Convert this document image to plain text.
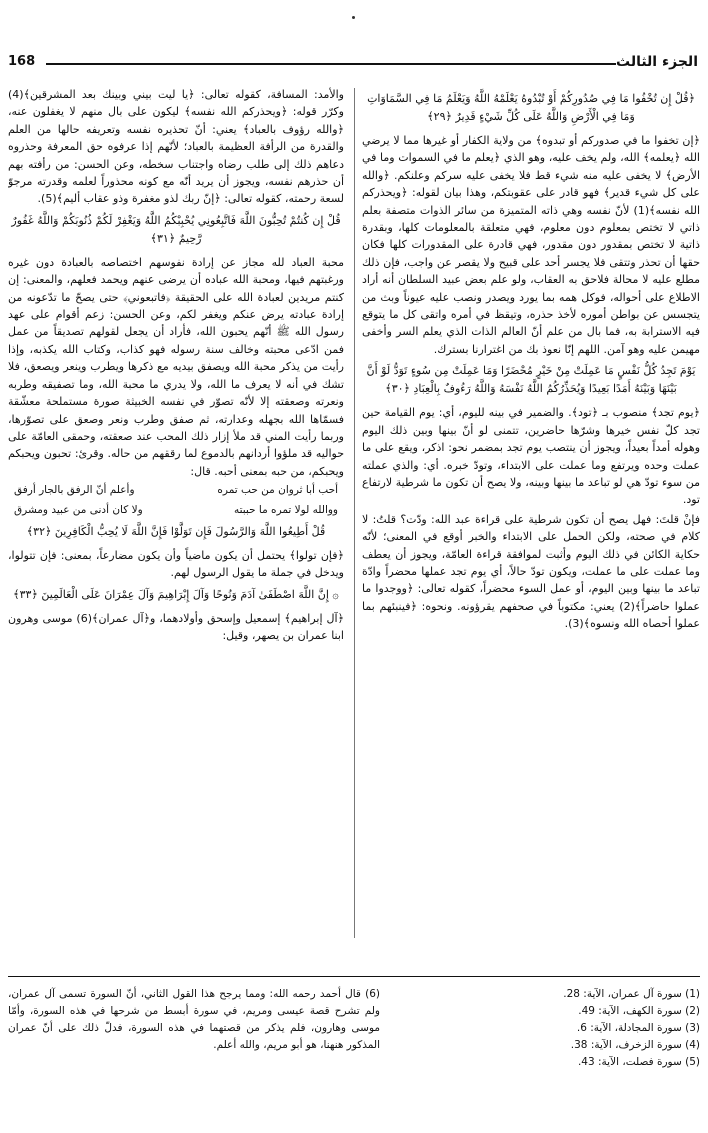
الجزء الثالث
168
﴿قُلْ إِن تُخْفُوا مَا فِي صُدُورِكُمْ أَوْ تُبْدُوهُ يَعْلَمْهُ اللَّهُ وَيَعْلَمُ مَا فِي السَّمَاوَاتِ وَمَا فِي الْأَرْضِ وَاللَّهُ عَلَى كُلِّ شَيْءٍ قَدِيرٌ ﴿٢٩﴾

﴿إن تخفوا ما في صدوركم أو تبدوه﴾ من ولاية الكفار أو غيرها مما لا يرضي الله ﴿يعلمه﴾ الله، ولم يخف عليه، وهو الذي ﴿يعلم ما في السموات وما في الأرض﴾ لا يخفى عليه منه شيء قط فلا يخفى عليه سركم وعلنكم. ﴿والله على كل شيء قدير﴾ فهو قادر على عقوبتكم، وهذا بيان لقوله: ﴿ويحذركم الله نفسه﴾(1) لأنّ نفسه وهي ذاته المتميزة من سائر الذوات متصفة بعلم ذاتي لا تختص بمعلوم دون معلوم، فهي متعلقة بالمعلومات كلها، وبقدرة ذاتية لا تختص بمقدور دون مقدور، فهي قادرة على المقدورات كلها فكان حقها أن تحذر وتتقى فلا يجسر أحد على قبيح ولا يقصر عن واجب، فإن ذلك مطلع عليه لا محالة فلاحق به العقاب، ولو علم بعض عبيد السلطان أنه أراد الاطلاع على أحواله، فوكل همه بما يورد ويصدر ونصب عليه عيوناً وبث من يتجسس عن بواطن أموره لأخذ حذره، وتيقظ في أمره واتقى كل ما يتوقع فيه الاسترابة به، فما بال من علم أنّ العالم الذات الذي يعلم السر وأخفى مهيمن عليه وهو آمن. اللهم إنّا نعوذ بك من اغترارنا بسترك.

يَوْمَ تَجِدُ كُلُّ نَفْسٍ مَا عَمِلَتْ مِنْ خَيْرٍ مُحْضَرًا وَمَا عَمِلَتْ مِن سُوءٍ تَوَدُّ لَوْ أَنَّ بَيْنَهَا وَبَيْنَهُ أَمَدًا بَعِيدًا وَيُحَذِّرُكُمُ اللَّهُ نَفْسَهُ وَاللَّهُ رَءُوفٌ بِالْعِبَادِ ﴿٣٠﴾

﴿يوم تجد﴾ منصوب بـ ﴿تود﴾. والضمير في بينه لليوم، أي: يوم القيامة حين تجد كلّ نفس خيرها وشرّها حاضرين، تتمنى لو أنّ بينها وبين ذلك اليوم وهوله أمداً بعيداً، ويجوز أن ينتصب يوم تجد بمضمر نحو: اذكر، ويقع على ما عملت وحده ويرتفع وما عملت على الابتداء، وتودّ خبره. أي: والذي عملته من سوء تودّ هي لو تباعد ما بينها وبينه، ولا يصح أن تكون ما شرطية لارتفاع تود.

فإنْ قلتَ: فهل يصح أن تكون شرطية على قراءة عبد الله: ودّت؟ قلتُ: لا كلام في صحته، ولكن الحمل على الابتداء والخبر أوقع في المعنى؛ لأنّه حكاية الكائن في ذلك اليوم وأثبت لموافقة قراءة العامّة، ويجوز أن يعطف وما عملت على ما عملت، ويكون تودّ حالاً، أي يوم تجد عملها محضراً وادّة تباعد ما بينها وبين اليوم، أو عمل السوء محضراً، كقوله تعالى: ﴿ووجدوا ما عملوا حاضراً﴾(2) يعني: مكتوباً في صحفهم يقرؤونه. ونحوه: ﴿فينبئهم بما عملوا أحصاه الله ونسوه﴾(3).

والأمد: المسافة، كقوله تعالى: ﴿يا ليت بيني وبينك بعد المشرقين﴾(4) وكرّر قوله: ﴿ويحذركم الله نفسه﴾ ليكون على بال منهم لا يغفلون عنه، ﴿والله رؤوف بالعباد﴾ يعني: أنّ تحذيره نفسه وتعريفه حالها من العلم والقدرة من الرأفة العظيمة بالعباد؛ لأنّهم إذا عرفوه حق المعرفة وحذروه دعاهم ذلك إلى طلب رضاه واجتناب سخطه، وعن الحسن: من رأفته بهم أن حذرهم نفسه، ويجوز أن يريد أنّه مع كونه محذوراً لعلمه وقدرته مرجوّ لسعة رحمته، كقوله تعالى: ﴿إنّ ربك لذو مغفرة وذو عقاب أليم﴾(5).

قُلْ إِن كُنتُمْ تُحِبُّونَ اللَّهَ فَاتَّبِعُونِي يُحْبِبْكُمُ اللَّهُ وَيَغْفِرْ لَكُمْ ذُنُوبَكُمْ وَاللَّهُ غَفُورٌ رَّحِيمٌ ﴿٣١﴾

محبة العباد لله مجاز عن إرادة نفوسهم اختصاصه بالعبادة دون غيره ورغبتهم فيها، ومحبة الله عباده أن يرضى عنهم ويحمد فعلهم، والمعنى: إن كنتم مريدين لعبادة الله على الحقيقة ﴿فاتبعوني﴾ حتى يصحّ ما تدّعونه من إرادة عبادته يرض عنكم ويغفر لكم، وعن الحسن: زعم أقوام على عهد رسول الله ﷺ أنّهم يحبون الله، فأراد أن يجعل لقولهم تصديقاً من عمل فمن ادّعى محبته وخالف سنة رسوله فهو كذاب، وكتاب الله يكذبه، وإذا رأيت من يذكر محبة الله ويصفق بيديه مع ذكرها ويطرب وينعر ويصعق، فلا تشك في أنه لا يعرف ما الله، ولا يدري ما محبة الله، وما تصفيقه وطربه ونعرته وصعقته إلا لأنّه تصوّر في نفسه الخبيثة صورة مستملحة معشّقة فسمّاها الله بجهله وعدارته، ثم صفق وطرب ونعر وصعق على تصوّرها، وربما رأيت المني قد ملأ إزار ذلك المحب عند صعقته، وحمقى العامّة على حواليه قد ملؤوا أردانهم بالدموع لما رققهم من حاله. وقرئ: تحبون ويحبكم ويحبكم، من حبه بمعنى أحبه. قال:

أحب أبا ثروان من حب تمره
وأعلم أنّ الرفق بالجار أرفق
ووالله لولا تمره ما حببته
ولا كان أدنى من عبيد ومشرق
قُلْ أَطِيعُوا اللَّهَ وَالرَّسُولَ فَإِن تَوَلَّوْا فَإِنَّ اللَّهَ لَا يُحِبُّ الْكَافِرِينَ ﴿٣٢﴾

﴿فإن تولوا﴾ يحتمل أن يكون ماضياً وأن يكون مضارعاً، بمعنى: فإن تتولوا، ويدخل في جملة ما يقول الرسول لهم.

۞ إِنَّ اللَّهَ اصْطَفَىٰ آدَمَ وَنُوحًا وَآلَ إِبْرَاهِيمَ وَآلَ عِمْرَانَ عَلَى الْعَالَمِينَ ﴿٣٣﴾

﴿آل إبراهيم﴾ إسمعيل وإسحق وأولادهما، و﴿آل عمران﴾(6) موسى وهرون ابنا عمران بن يصهر، وقيل:

(1) سورة آل عمران، الآية: 28.
(2) سورة الكهف، الآية: 49.
(3) سورة المجادلة، الآية: 6.
(4) سورة الزخرف، الآية: 38.
(5) سورة فصلت، الآية: 43.
(6) قال أحمد رحمه الله: ومما يرجح هذا القول الثاني، أنّ السورة تسمى آل عمران، ولم تشرح قصة عيسى ومريم، في سورة أبسط من شرحها في هذه السورة، وأمّا موسى وهارون، فلم يذكر من قصتهما في هذه السورة، فدلّ ذلك على أنّ عمران المذكور هنهنا، هو أبو مريم، والله أعلم.
